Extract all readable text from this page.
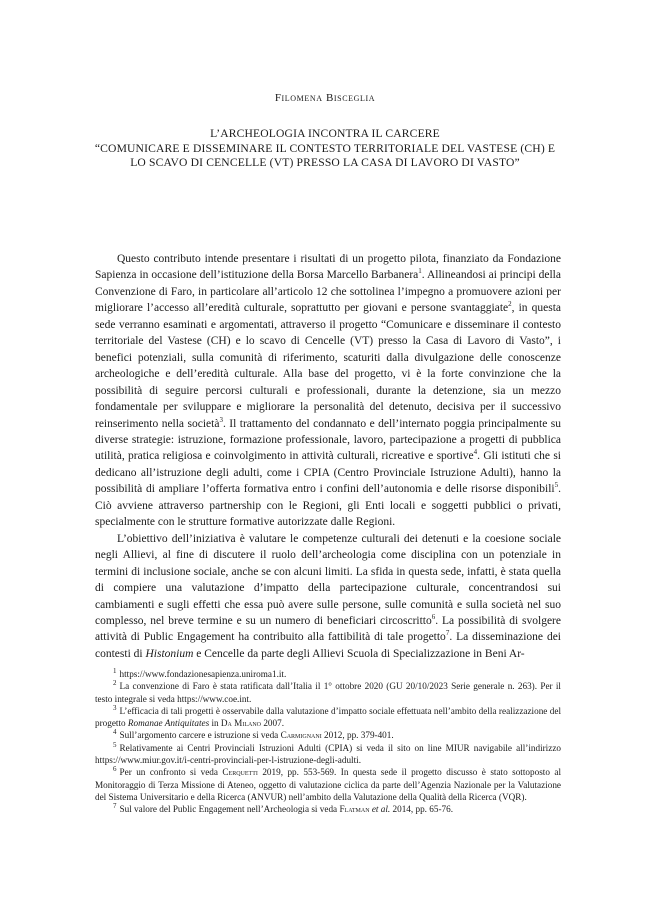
Filomena Bisceglia
L’ARCHEOLOGIA INCONTRA IL CARCERE
“COMUNICARE E DISSEMINARE IL CONTESTO TERRITORIALE DEL VASTESE (CH) E
LO SCAVO DI CENCELLE (VT) PRESSO LA CASA DI LAVORO DI VASTO”

Questo contributo intende presentare i risultati di un progetto pilota, finanziato da Fondazione Sapienza in occasione dell’istituzione della Borsa Marcello Barbanera$^1$. Allineandosi ai principi della Convenzione di Faro, in particolare all’articolo 12 che sottolinea l’impegno a promuovere azioni per migliorare l’accesso all’eredità culturale, soprattutto per giovani e persone svantaggiate$^2$, in questa sede verranno esaminati e argomentati, attraverso il progetto “Comunicare e disseminare il contesto territoriale del Vastese (CH) e lo scavo di Cencelle (VT) presso la Casa di Lavoro di Vasto”, i benefici potenziali, sulla comunità di riferimento, scaturiti dalla divulgazione delle conoscenze archeologiche e dell’eredità culturale. Alla base del progetto, vi è la forte convinzione che la possibilità di seguire percorsi culturali e professionali, durante la detenzione, sia un mezzo fondamentale per sviluppare e migliorare la personalità del detenuto, decisiva per il successivo reinserimento nella società$^3$. Il trattamento del condannato e dell’internato poggia principalmente su diverse strategie: istruzione, formazione professionale, lavoro, partecipazione a progetti di pubblica utilità, pratica religiosa e coinvolgimento in attività culturali, ricreative e sportive$^4$. Gli istituti che si dedicano all’istruzione degli adulti, come i CPIA (Centro Provinciale Istruzione Adulti), hanno la possibilità di ampliare l’offerta formativa entro i confini dell’autonomia e delle risorse disponibili$^5$. Ciò avviene attraverso partnership con le Regioni, gli Enti locali e soggetti pubblici o privati, specialmente con le strutture formative autorizzate dalle Regioni.

L’obiettivo dell’iniziativa è valutare le competenze culturali dei detenuti e la coesione sociale negli Allievi, al fine di discutere il ruolo dell’archeologia come disciplina con un potenziale in termini di inclusione sociale, anche se con alcuni limiti. La sfida in questa sede, infatti, è stata quella di compiere una valutazione d’impatto della partecipazione culturale, concentrandosi sui cambiamenti e sugli effetti che essa può avere sulle persone, sulle comunità e sulla società nel suo complesso, nel breve termine e su un numero di beneficiari circoscritto$^6$. La possibilità di svolgere attività di Public Engagement ha contribuito alla fattibilità di tale progetto$^7$. La disseminazione dei contesti di Histonium e Cencelle da parte degli Allievi Scuola di Specializzazione in Beni Ar-

$^1$ https://www.fondazionesapienza.uniroma1.it.
$^2$ La convenzione di Faro è stata ratificata dall’Italia il 1° ottobre 2020 (GU 20/10/2023 Serie generale n. 263). Per il testo integrale si veda https://www.coe.int.
$^3$ L’efficacia di tali progetti è osservabile dalla valutazione d’impatto sociale effettuata nell’ambito della realizzazione del progetto Romanae Antiquitates in Da Milano 2007.
$^4$ Sull’argomento carcere e istruzione si veda Carmignani 2012, pp. 379-401.
$^5$ Relativamente ai Centri Provinciali Istruzioni Adulti (CPIA) si veda il sito on line MIUR navigabile all’indirizzo https://www.miur.gov.it/i-centri-provinciali-per-l-istruzione-degli-adulti.
$^6$ Per un confronto si veda Cerquetti 2019, pp. 553-569. In questa sede il progetto discusso è stato sottoposto al Monitoraggio di Terza Missione di Ateneo, oggetto di valutazione ciclica da parte dell’Agenzia Nazionale per la Valutazione del Sistema Universitario e della Ricerca (ANVUR) nell’ambito della Valutazione della Qualità della Ricerca (VQR).
$^7$ Sul valore del Public Engagement nell’Archeologia si veda Flatman et al. 2014, pp. 65-76.
